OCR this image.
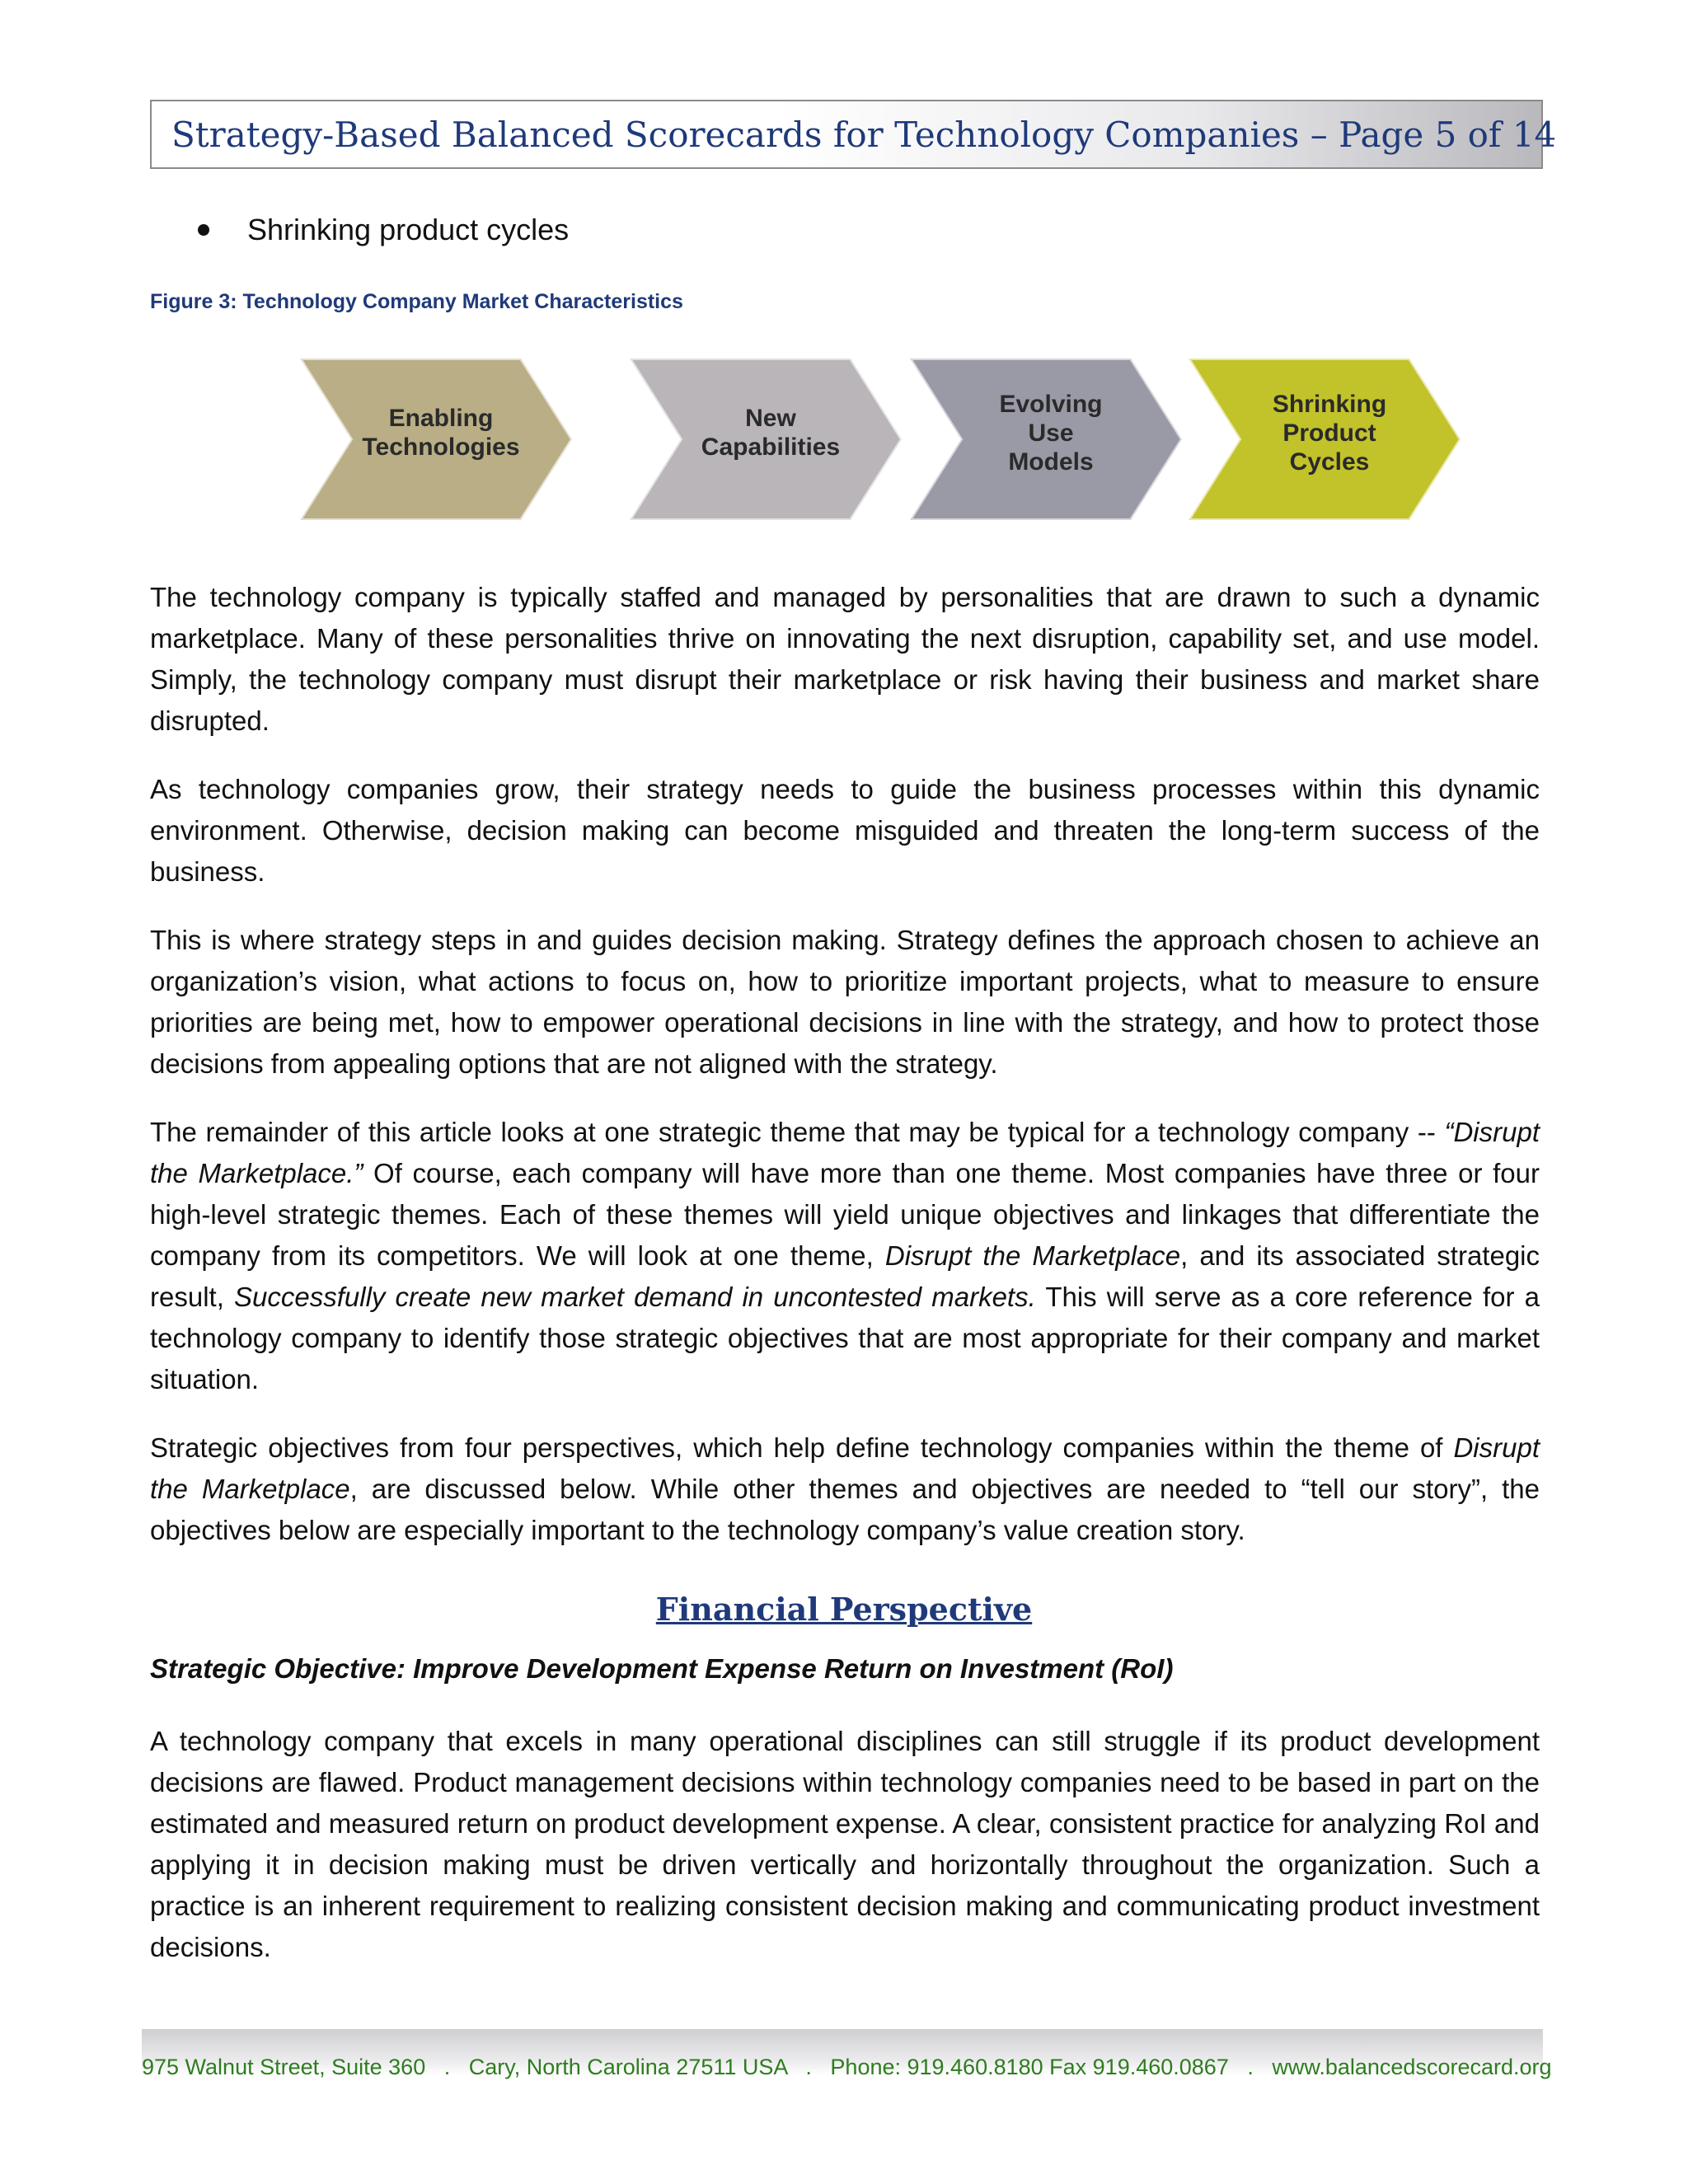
Strategy-Based Balanced Scorecards for Technology Companies – Page 5 of 14
Shrinking product cycles
Figure 3: Technology Company Market Characteristics
Enabling
Technologies
New
Capabilities
Evolving
Use
Models
Shrinking
Product
Cycles

The technology company is typically staffed and managed by personalities that are drawn to such a dynamic marketplace. Many of these personalities thrive on innovating the next disruption, capability set, and use model. Simply, the technology company must disrupt their marketplace or risk having their business and market share disrupted.

As technology companies grow, their strategy needs to guide the business processes within this dynamic environment. Otherwise, decision making can become misguided and threaten the long-term success of the business.

This is where strategy steps in and guides decision making. Strategy defines the approach chosen to achieve an organization’s vision, what actions to focus on, how to prioritize important projects, what to measure to ensure priorities are being met, how to empower operational decisions in line with the strategy, and how to protect those decisions from appealing options that are not aligned with the strategy.

The remainder of this article looks at one strategic theme that may be typical for a technology company -- “Disrupt the Marketplace.” Of course, each company will have more than one theme. Most companies have three or four high-level strategic themes. Each of these themes will yield unique objectives and linkages that differentiate the company from its competitors. We will look at one theme, Disrupt the Marketplace, and its associated strategic result, Successfully create new market demand in uncontested markets. This will serve as a core reference for a technology company to identify those strategic objectives that are most appropriate for their company and market situation.

Strategic objectives from four perspectives, which help define technology companies within the theme of Disrupt the Marketplace, are discussed below. While other themes and objectives are needed to “tell our story”, the objectives below are especially important to the technology company’s value creation story.

Financial Perspective
Strategic Objective: Improve Development Expense Return on Investment (RoI)

A technology company that excels in many operational disciplines can still struggle if its product development decisions are flawed. Product management decisions within technology companies need to be based in part on the estimated and measured return on product development expense. A clear, consistent practice for analyzing RoI and applying it in decision making must be driven vertically and horizontally throughout the organization. Such a practice is an inherent requirement to realizing consistent decision making and communicating product investment decisions.

975 Walnut Street, Suite 360   .   Cary, North Carolina 27511 USA   .   Phone: 919.460.8180 Fax 919.460.0867   .   www.balancedscorecard.org
